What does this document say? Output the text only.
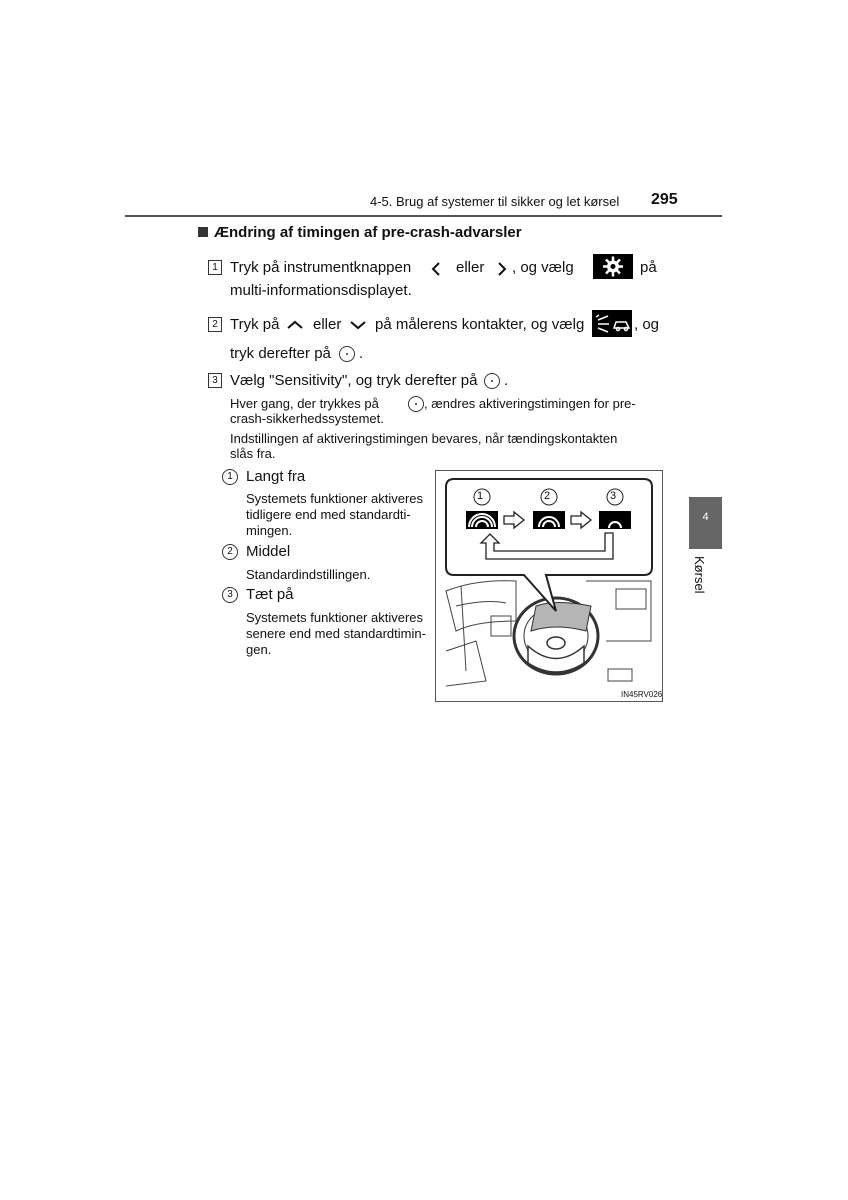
4-5. Brug af systemer til sikker og let kørsel 295
Ændring af timingen af pre-crash-advarsler
1 Tryk på instrumentknappen	eller , og vælg	på
multi-informationsdisplayet.
2 Tryk på eller på målerens kontakter, og vælg	, og
tryk derefter på .
3 Vælg "Sensitivity", og tryk derefter på .
Hver gang, der trykkes på	, ændres aktiveringstimingen for pre-
crash-sikkerhedssystemet.
Indstillingen af aktiveringstimingen bevares, når tændingskontakten
slås fra.
1 Langt fra
Systemets funktioner aktiveres
tidligere end med standardti-
mingen.
2 Middel
Standardindstillingen.
3 Tæt på
Systemets funktioner aktiveres
senere end med standardtimin-
gen.
1	2	3
IN45RV026
4
Kørsel
